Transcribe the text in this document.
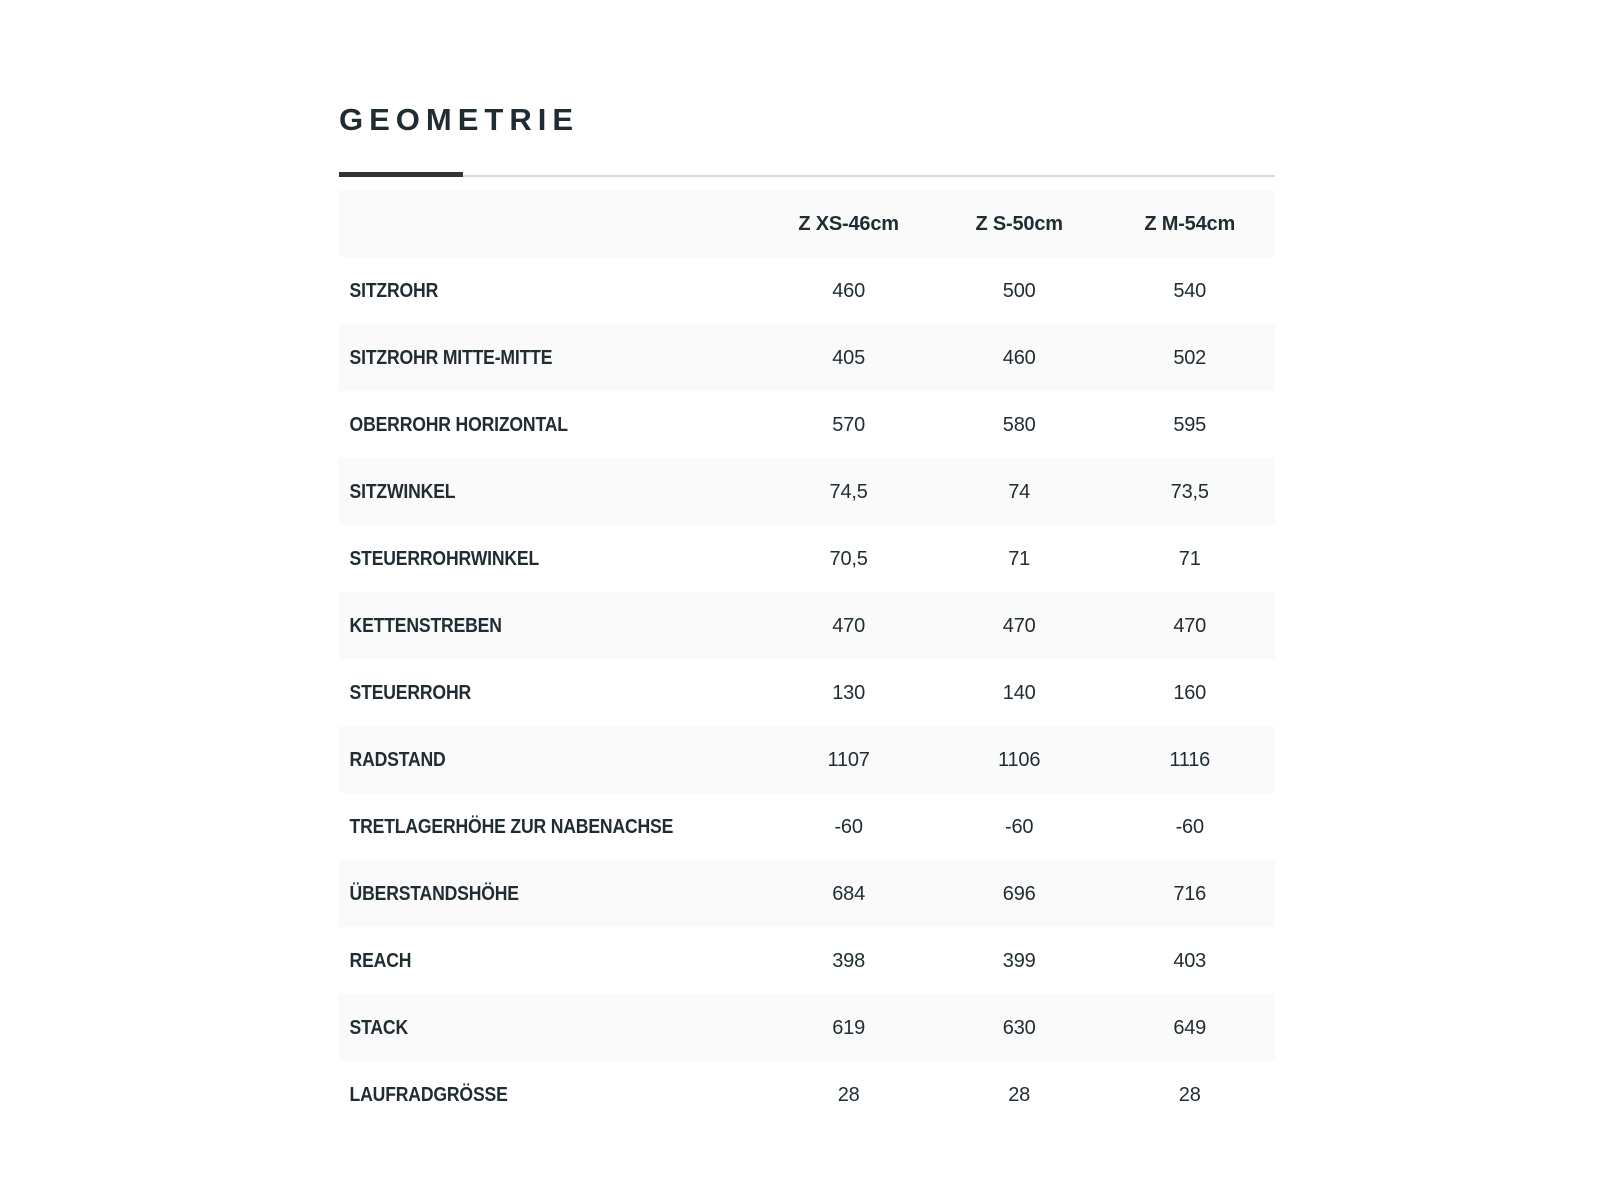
GEOMETRIE
	Z XS-46cm	Z S-50cm	Z M-54cm
SITZROHR	460	500	540
SITZROHR MITTE-MITTE	405	460	502
OBERROHR HORIZONTAL	570	580	595
SITZWINKEL	74,5	74	73,5
STEUERROHRWINKEL	70,5	71	71
KETTENSTREBEN	470	470	470
STEUERROHR	130	140	160
RADSTAND	1107	1106	1116
TRETLAGERHÖHE ZUR NABENACHSE	-60	-60	-60
ÜBERSTANDSHÖHE	684	696	716
REACH	398	399	403
STACK	619	630	649
LAUFRADGRÖSSE	28	28	28
